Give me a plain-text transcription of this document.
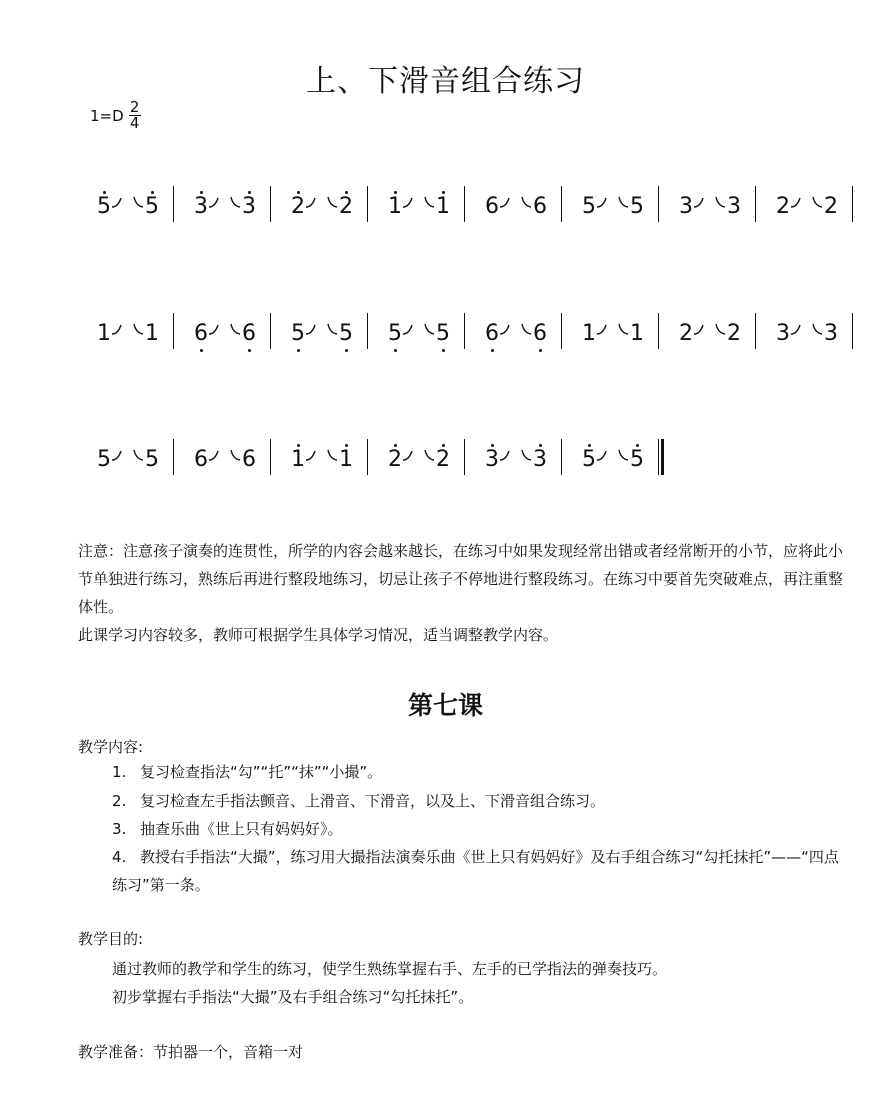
上、下滑音组合练习
$1=D \frac{2}{4}$
5 5 3 3 2 2 1 1 6 6 5 5 3 3 2 2
1 1 6 6 5 5 5 5 6 6 1 1 2 2 3 3
5 5 6 6 1 1 2 2 3 3 5 5
注意：注意孩子演奏的连贯性，所学的内容会越来越长，在练习中如果发现经常出错或者经常断开的小节，应将此小节单独进行练习，熟练后再进行整段地练习，切忌让孩子不停地进行整段练习。在练习中要首先突破难点，再注重整体性。
此课学习内容较多，教师可根据学生具体学习情况，适当调整教学内容。
第七课
教学内容:
1. 复习检查指法“勾”“托”“抹”“小撮”。
2. 复习检查左手指法颤音、上滑音、下滑音，以及上、下滑音组合练习。
3. 抽查乐曲《世上只有妈妈好》。
4. 教授右手指法“大撮”，练习用大撮指法演奏乐曲《世上只有妈妈好》及右手组合练习“勾托抹托”——“四点练习”第一条。
教学目的:
通过教师的教学和学生的练习，使学生熟练掌握右手、左手的已学指法的弹奏技巧。
初步掌握右手指法“大撮”及右手组合练习“勾托抹托”。
教学准备：节拍器一个，音箱一对
